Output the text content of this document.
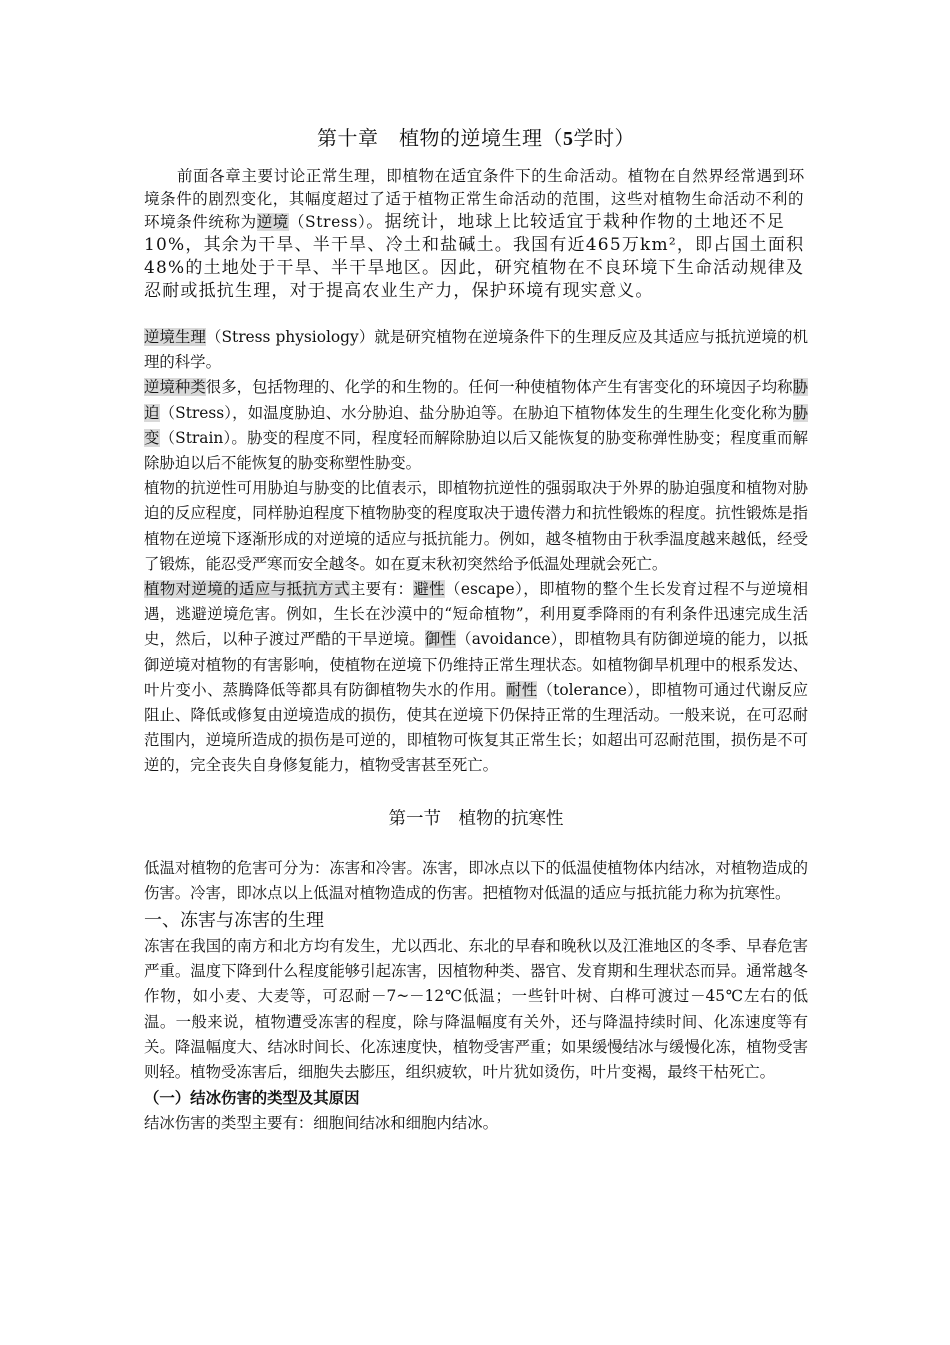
第十章　植物的逆境生理（5学时）

前面各章主要讨论正常生理，即植物在适宜条件下的生命活动。植物在自然界经常遇到环境条件的剧烈变化，其幅度超过了适于植物正常生命活动的范围，这些对植物生命活动不利的环境条件统称为逆境（Stress）。据统计，地球上比较适宜于栽种作物的土地还不足10%，其余为干旱、半干旱、冷土和盐碱土。我国有近465万km²，即占国土面积48%的土地处于干旱、半干旱地区。因此，研究植物在不良环境下生命活动规律及忍耐或抵抗生理，对于提高农业生产力，保护环境有现实意义。

逆境生理（Stress physiology）就是研究植物在逆境条件下的生理反应及其适应与抵抗逆境的机理的科学。

逆境种类很多，包括物理的、化学的和生物的。任何一种使植物体产生有害变化的环境因子均称胁迫（Stress），如温度胁迫、水分胁迫、盐分胁迫等。在胁迫下植物体发生的生理生化变化称为胁变（Strain）。胁变的程度不同，程度轻而解除胁迫以后又能恢复的胁变称弹性胁变；程度重而解除胁迫以后不能恢复的胁变称塑性胁变。

植物的抗逆性可用胁迫与胁变的比值表示，即植物抗逆性的强弱取决于外界的胁迫强度和植物对胁迫的反应程度，同样胁迫程度下植物胁变的程度取决于遗传潜力和抗性锻炼的程度。抗性锻炼是指植物在逆境下逐渐形成的对逆境的适应与抵抗能力。例如，越冬植物由于秋季温度越来越低，经受了锻炼，能忍受严寒而安全越冬。如在夏末秋初突然给予低温处理就会死亡。

植物对逆境的适应与抵抗方式主要有：避性（escape），即植物的整个生长发育过程不与逆境相遇，逃避逆境危害。例如，生长在沙漠中的“短命植物”，利用夏季降雨的有利条件迅速完成生活史，然后，以种子渡过严酷的干旱逆境。御性（avoidance），即植物具有防御逆境的能力，以抵御逆境对植物的有害影响，使植物在逆境下仍维持正常生理状态。如植物御旱机理中的根系发达、叶片变小、蒸腾降低等都具有防御植物失水的作用。耐性（tolerance），即植物可通过代谢反应阻止、降低或修复由逆境造成的损伤，使其在逆境下仍保持正常的生理活动。一般来说，在可忍耐范围内，逆境所造成的损伤是可逆的，即植物可恢复其正常生长；如超出可忍耐范围，损伤是不可逆的，完全丧失自身修复能力，植物受害甚至死亡。

第一节　植物的抗寒性

低温对植物的危害可分为：冻害和冷害。冻害，即冰点以下的低温使植物体内结冰，对植物造成的伤害。冷害，即冰点以上低温对植物造成的伤害。把植物对低温的适应与抵抗能力称为抗寒性。

一、冻害与冻害的生理

冻害在我国的南方和北方均有发生，尤以西北、东北的早春和晚秋以及江淮地区的冬季、早春危害严重。温度下降到什么程度能够引起冻害，因植物种类、器官、发育期和生理状态而异。通常越冬作物，如小麦、大麦等，可忍耐－7~－12℃低温；一些针叶树、白桦可渡过－45℃左右的低温。一般来说，植物遭受冻害的程度，除与降温幅度有关外，还与降温持续时间、化冻速度等有关。降温幅度大、结冰时间长、化冻速度快，植物受害严重；如果缓慢结冰与缓慢化冻，植物受害则轻。植物受冻害后，细胞失去膨压，组织疲软，叶片犹如烫伤，叶片变褐，最终干枯死亡。

（一）结冰伤害的类型及其原因

结冰伤害的类型主要有：细胞间结冰和细胞内结冰。
